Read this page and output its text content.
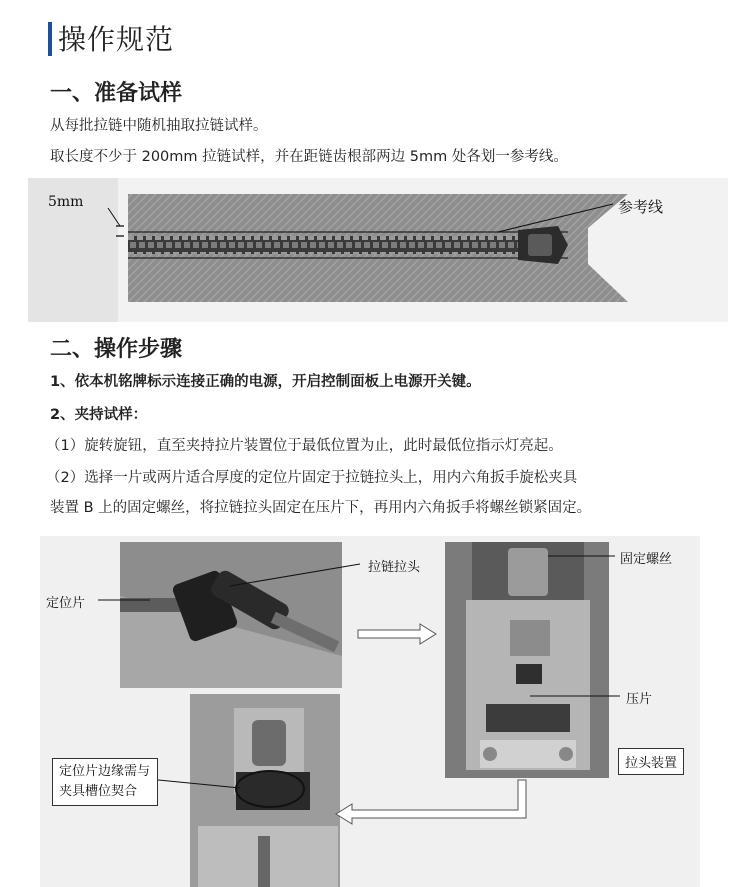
操作规范
一、准备试样
从每批拉链中随机抽取拉链试样。
取长度不少于 200mm 拉链试样，并在距链齿根部两边 5mm 处各划一参考线。
5mm	参考线
二、操作步骤
1、依本机铭牌标示连接正确的电源，开启控制面板上电源开关键。
2、夹持试样：
（1）旋转旋钮，直至夹持拉片装置位于最低位置为止，此时最低位指示灯亮起。
（2）选择一片或两片适合厚度的定位片固定于拉链拉头上，用内六角扳手旋松夹具
装置 B 上的固定螺丝，将拉链拉头固定在压片下，再用内六角扳手将螺丝锁紧固定。
定位片
拉链拉头
固定螺丝
压片
拉头装置
定位片边缘需与
夹具槽位契合
